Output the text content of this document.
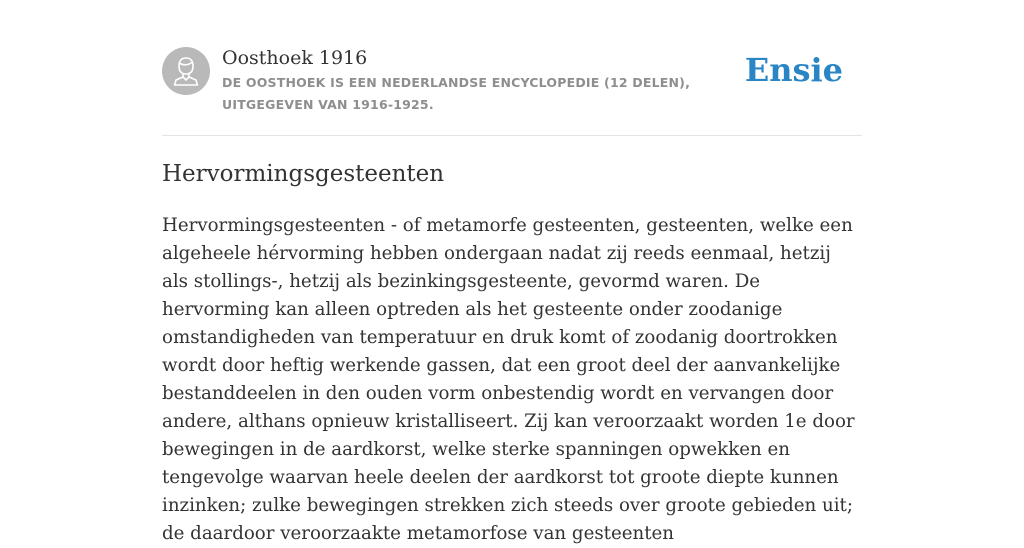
Oosthoek 1916
DE OOSTHOEK IS EEN NEDERLANDSE ENCYCLOPEDIE (12 DELEN), UITGEGEVEN VAN 1916-1925.
Ensie
Hervormingsgesteenten

Hervormingsgesteenten - of metamorfe gesteenten, gesteenten, welke een algeheele hérvorming hebben ondergaan nadat zij reeds eenmaal, hetzij als stollings-, hetzij als bezinkingsgesteente, gevormd waren. De hervorming kan alleen optreden als het gesteente onder zoodanige omstandigheden van temperatuur en druk komt of zoodanig doortrokken wordt door heftig werkende gassen, dat een groot deel der aanvankelijke bestanddeelen in den ouden vorm onbestendig wordt en vervangen door andere, althans opnieuw kristalliseert. Zij kan veroorzaakt worden 1e door bewegingen in de aardkorst, welke sterke spanningen opwekken en tengevolge waarvan heele deelen der aardkorst tot groote diepte kunnen inzinken; zulke bewegingen strekken zich steeds over groote gebieden uit; de daardoor veroorzaakte metamorfose van gesteenten
